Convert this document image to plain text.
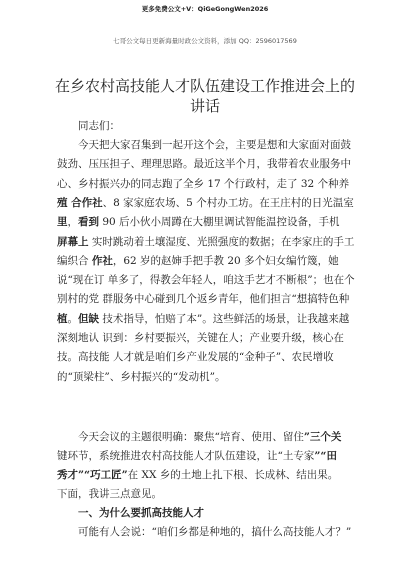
更多免费公文+V：QiGeGongWen2026
七哥公文每日更新海量时政公文资料，添加 QQ：2596017569
在乡农村高技能人才队伍建设工作推进会上的
讲话
同志们：
今天把大家召集到一起开这个会，主要是想和大家面对面鼓
鼓劲、压压担子、理理思路。最近这半个月，我带着农业服务中
心、乡村振兴办的同志跑了全乡 17 个行政村，走了 32 个种养
殖 合作社、8 家家庭农场、5 个村办工坊。在王庄村的日光温室
里，看到 90 后小伙小周蹲在大棚里调试智能温控设备，手机
屏幕上 实时跳动着土壤湿度、光照强度的数据；在李家庄的手工
编织合 作社，62 岁的赵婶手把手教 20 多个妇女编竹篾，她
说“现在订 单多了，得教会年轻人，咱这手艺才不断根”；也在个
别村的党 群服务中心碰到几个返乡青年，他们担言“想搞特色种
植。但缺 技术指导，怕赔了本”。这些鲜活的场景，让我越来越
深刻地认 识到：乡村要振兴，关键在人；产业要升级，核心在
技。高技能 人才就是咱们乡产业发展的“金种子”、农民增收
的“顶梁柱”、乡村振兴的“发动机”。
今天会议的主题很明确：聚焦“培育、使用、留住”三个关
键环节，系统推进农村高技能人才队伍建设，让“土专家”“田
秀才”“巧工匠”在 XX 乡的土地上扎下根、长成林、结出果。
下面，我讲三点意见。
一、为什么要抓高技能人才
可能有人会说：“咱们乡都是种地的，搞什么高技能人才？”
